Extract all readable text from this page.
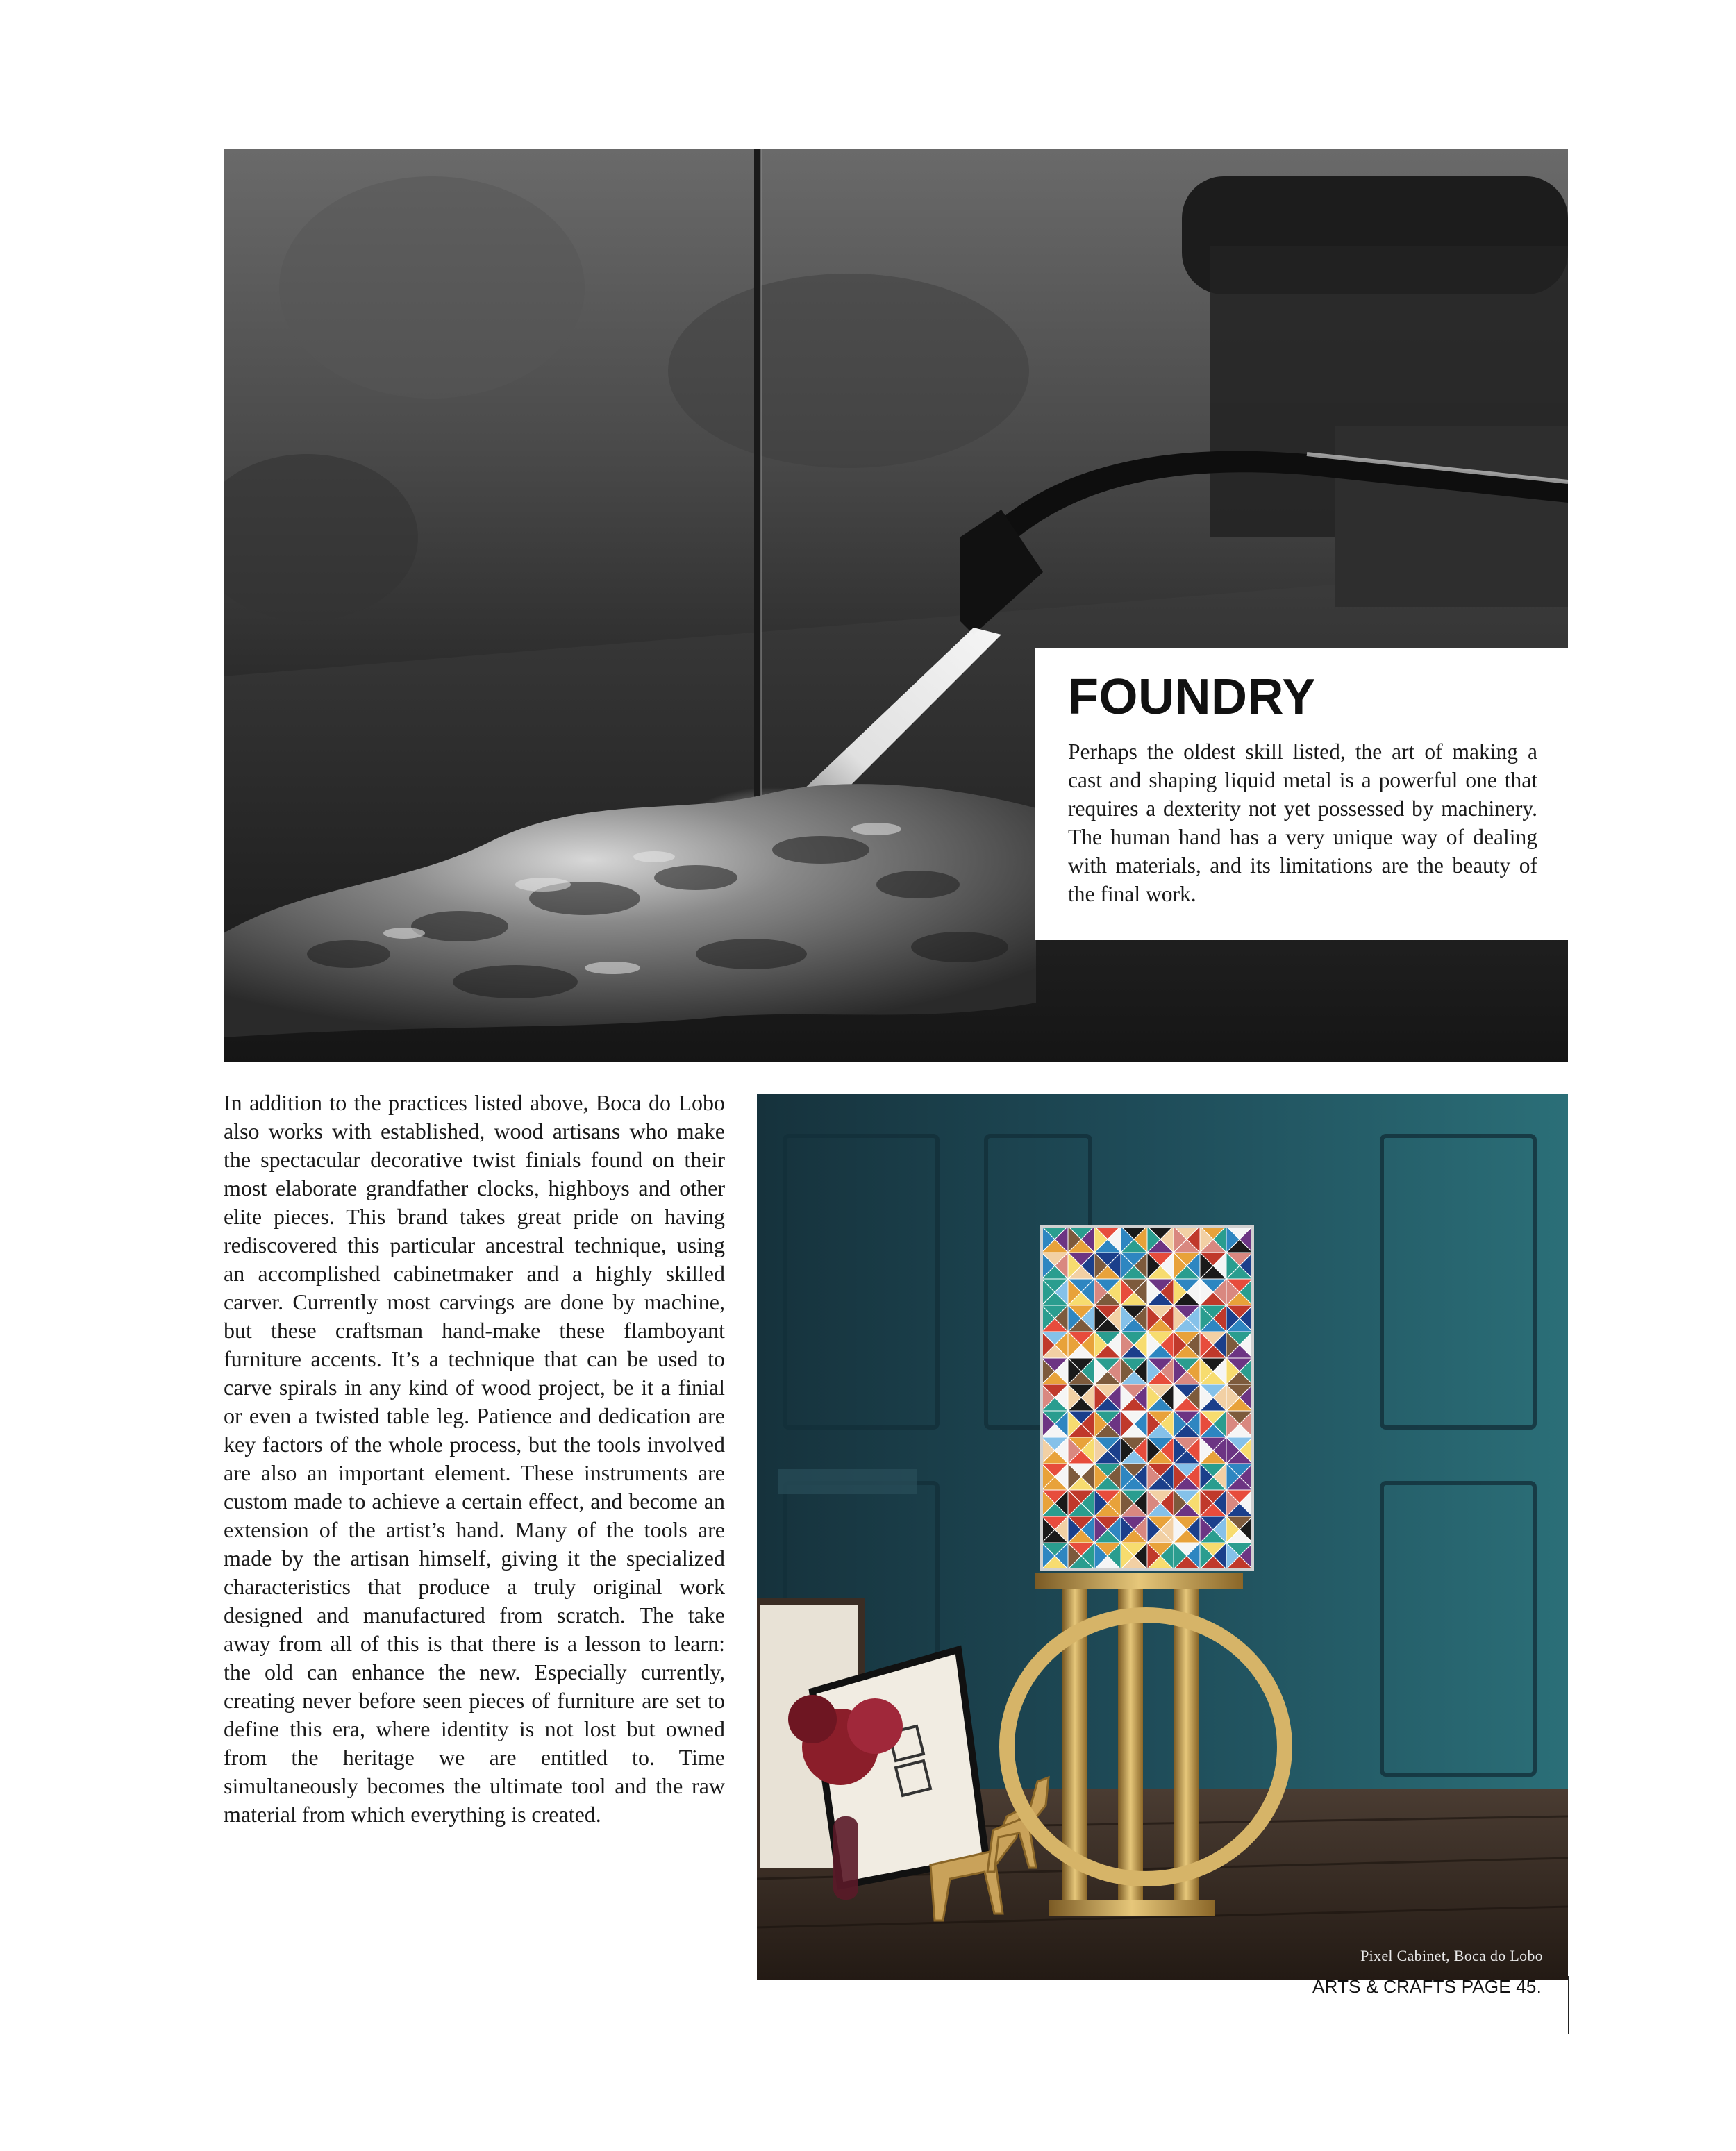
FOUNDRY

Perhaps the oldest skill listed, the art of making a cast and shaping liquid metal is a powerful one that requires a dexterity not yet possessed by machinery. The human hand has a very unique way of dealing with materials, and its limitations are the beauty of the final work.

In addition to the practices listed above, Boca do Lobo also works with established, wood artisans who make the spectacular decorative twist finials found on their most elaborate grandfather clocks, highboys and other elite pieces. This brand takes great pride on having rediscovered this particular ancestral technique, using an accomplished cabinetmaker and a highly skilled carver. Currently most carvings are done by machine, but these craftsman hand-make these flamboyant furniture accents. It’s a technique that can be used to carve spirals in any kind of wood project, be it a finial or even a twisted table leg. Patience and dedication are key factors of the whole process, but the tools involved are also an important element. These instruments are custom made to achieve a certain effect, and become an extension of the artist’s hand. Many of the tools are made by the artisan himself, giving it the specialized characteristics that produce a truly original work designed and manufactured from scratch. The take away from all of this is that there is a lesson to learn: the old can enhance the new. Especially currently, creating never before seen pieces of furniture are set to define this era, where identity is not lost but owned from the heritage we are entitled to. Time simultaneously becomes the ultimate tool and the raw material from which everything is created.

Pixel Cabinet, Boca do Lobo
ARTS & CRAFTS PAGE 45.
